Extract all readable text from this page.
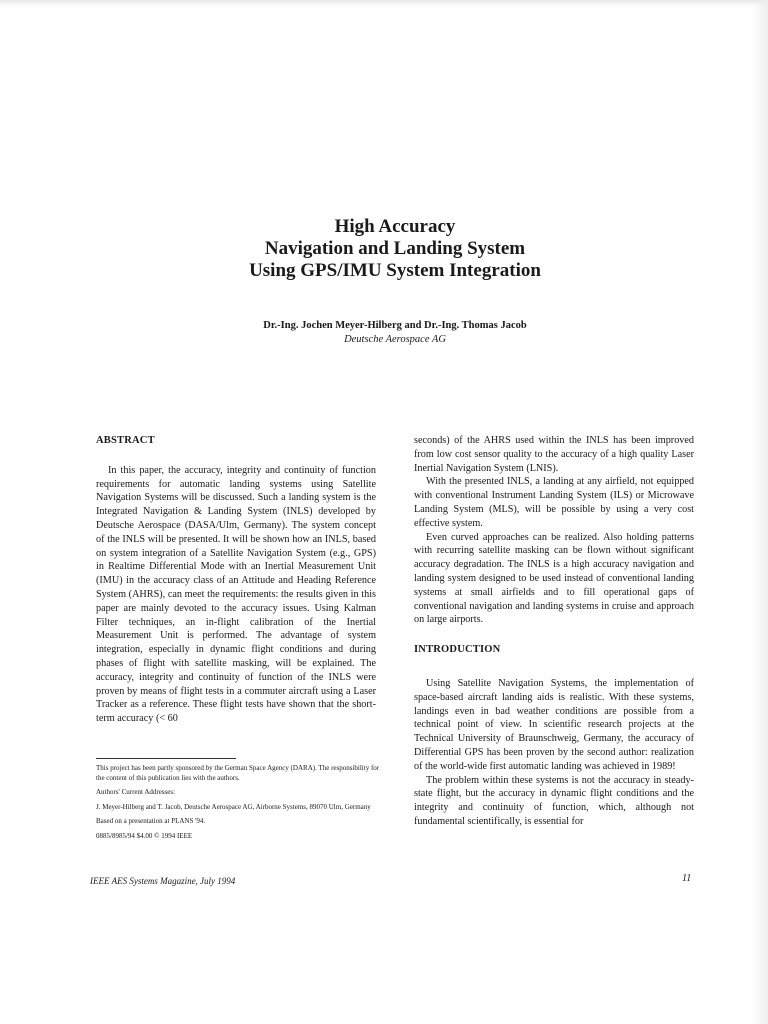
High Accuracy

Navigation and Landing System

Using GPS/IMU System Integration

Dr.-Ing. Jochen Meyer-Hilberg and Dr.-Ing. Thomas Jacob
Deutsche Aerospace AG

ABSTRACT

In this paper, the accuracy, integrity and continuity of function requirements for automatic landing systems using Satellite Navigation Systems will be discussed. Such a landing system is the Integrated Navigation & Landing System (INLS) developed by Deutsche Aerospace (DASA/Ulm, Germany). The system concept of the INLS will be presented. It will be shown how an INLS, based on system integration of a Satellite Navigation System (e.g., GPS) in Realtime Differential Mode with an Inertial Measurement Unit (IMU) in the accuracy class of an Attitude and Heading Reference System (AHRS), can meet the requirements: the results given in this paper are mainly devoted to the accuracy issues. Using Kalman Filter techniques, an in-flight calibration of the Inertial Measurement Unit is performed. The advantage of system integration, especially in dynamic flight conditions and during phases of flight with satellite masking, will be explained. The accuracy, integrity and continuity of function of the INLS were proven by means of flight tests in a commuter aircraft using a Laser Tracker as a reference. These flight tests have shown that the short-term accuracy (< 60

seconds) of the AHRS used within the INLS has been improved from low cost sensor quality to the accuracy of a high quality Laser Inertial Navigation System (LNIS).

With the presented INLS, a landing at any airfield, not equipped with conventional Instrument Landing System (ILS) or Microwave Landing System (MLS), will be possible by using a very cost effective system.

Even curved approaches can be realized. Also holding patterns with recurring satellite masking can be flown without significant accuracy degradation. The INLS is a high accuracy navigation and landing system designed to be used instead of conventional landing systems at small airfields and to fill operational gaps of conventional navigation and landing systems in cruise and approach on large airports.

INTRODUCTION

Using Satellite Navigation Systems, the implementation of space-based aircraft landing aids is realistic. With these systems, landings even in bad weather conditions are possible from a technical point of view. In scientific research projects at the Technical University of Braunschweig, Germany, the accuracy of Differential GPS has been proven by the second author: realization of the world-wide first automatic landing was achieved in 1989!

The problem within these systems is not the accuracy in steady-state flight, but the accuracy in dynamic flight conditions and the integrity and continuity of function, which, although not fundamental scientifically, is essential for

This project has been partly sponsored by the German Space Agency (DARA). The responsibility for the content of this publication lies with the authors.

Authors' Current Addresses:

J. Meyer-Hilberg and T. Jacob, Deutsche Aerospace AG, Airborne Systems, 89070 Ulm, Germany

Based on a presentation at PLANS '94.

0885/8985/94 $4.00 © 1994 IEEE

IEEE AES Systems Magazine, July 1994	11
